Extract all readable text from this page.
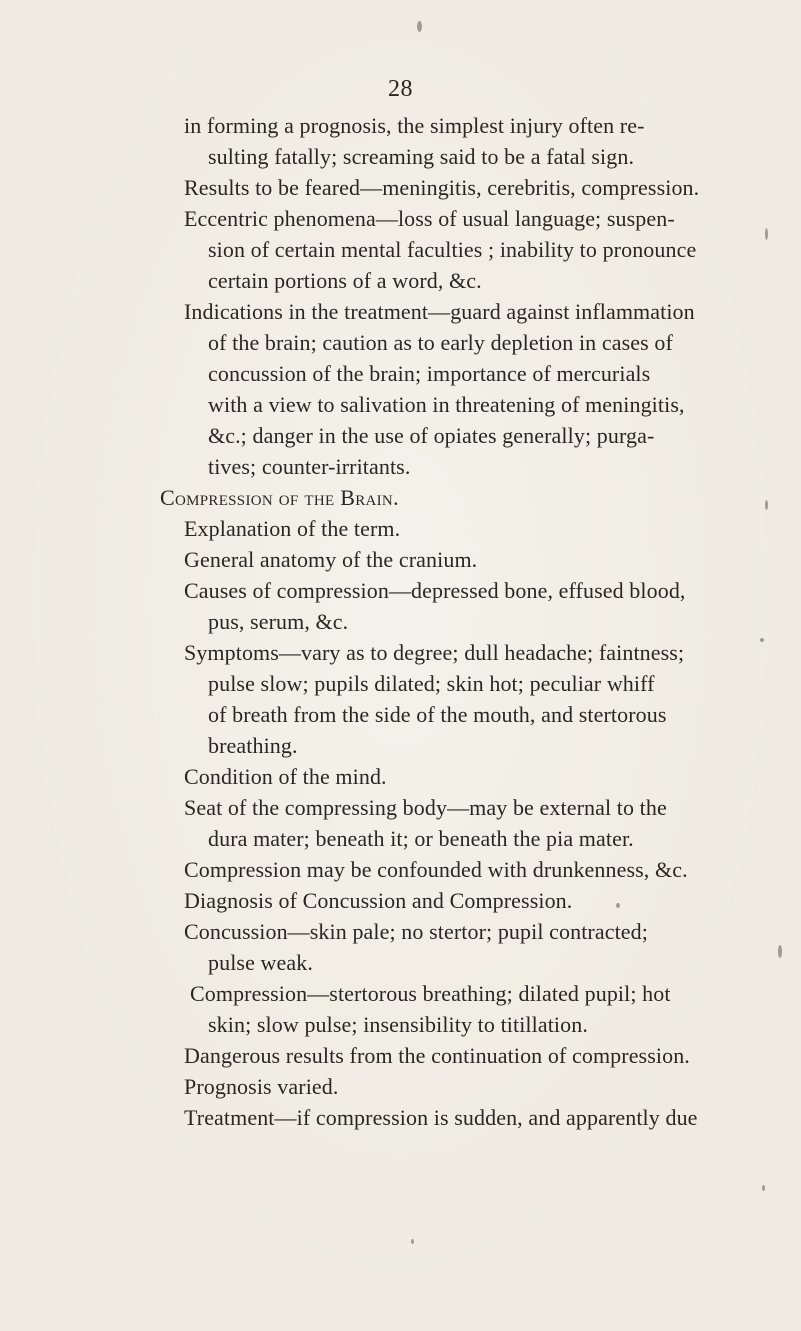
28
in forming a prognosis, the simplest injury often re-
sulting fatally; screaming said to be a fatal sign.
Results to be feared—meningitis, cerebritis, compression.
Eccentric phenomena—loss of usual language; suspen-
sion of certain mental faculties ; inability to pronounce
certain portions of a word, &c.
Indications in the treatment—guard against inflammation
of the brain; caution as to early depletion in cases of
concussion of the brain; importance of mercurials
with a view to salivation in threatening of meningitis,
&c.; danger in the use of opiates generally; purga-
tives; counter-irritants.
Compression of the Brain.
Explanation of the term.
General anatomy of the cranium.
Causes of compression—depressed bone, effused blood,
pus, serum, &c.
Symptoms—vary as to degree; dull headache; faintness;
pulse slow; pupils dilated; skin hot; peculiar whiff
of breath from the side of the mouth, and stertorous
breathing.
Condition of the mind.
Seat of the compressing body—may be external to the
dura mater; beneath it; or beneath the pia mater.
Compression may be confounded with drunkenness, &c.
Diagnosis of Concussion and Compression.
Concussion—skin pale; no stertor; pupil contracted;
pulse weak.
Compression—stertorous breathing; dilated pupil; hot
skin; slow pulse; insensibility to titillation.
Dangerous results from the continuation of compression.
Prognosis varied.
Treatment—if compression is sudden, and apparently due
